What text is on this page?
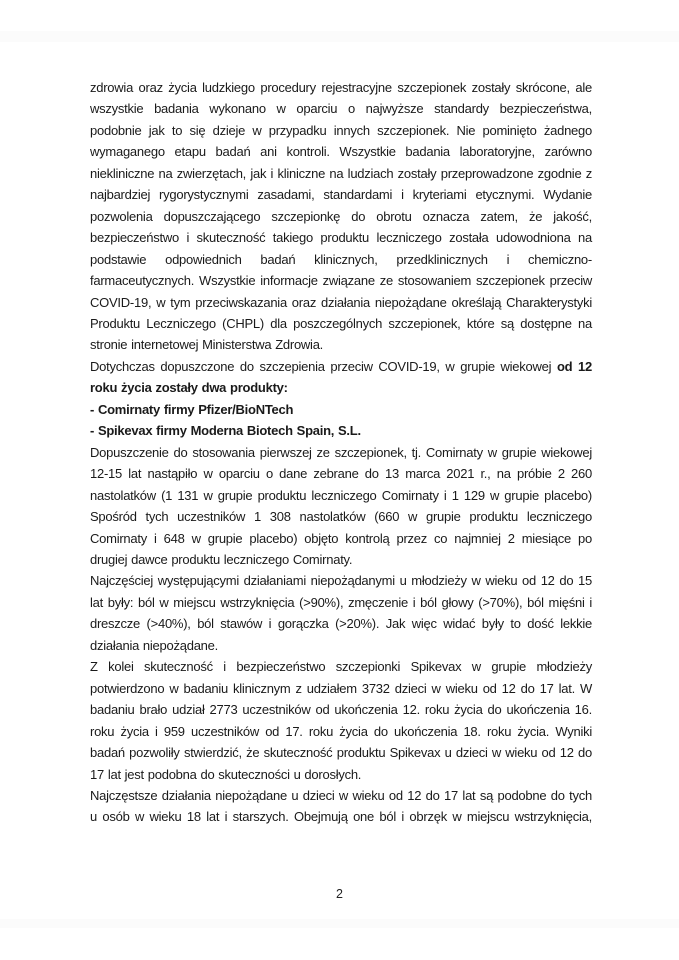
zdrowia oraz życia ludzkiego procedury rejestracyjne szczepionek zostały skrócone, ale wszystkie badania wykonano w oparciu o najwyższe standardy bezpieczeństwa, podobnie jak to się dzieje w przypadku innych szczepionek. Nie pominięto żadnego wymaganego etapu badań ani kontroli. Wszystkie badania laboratoryjne, zarówno niekliniczne na zwierzętach, jak i kliniczne na ludziach zostały przeprowadzone zgodnie z najbardziej rygorystycznymi zasadami, standardami i kryteriami etycznymi. Wydanie pozwolenia dopuszczającego szczepionkę do obrotu oznacza zatem, że jakość, bezpieczeństwo i skuteczność takiego produktu leczniczego została udowodniona na podstawie odpowiednich badań klinicznych, przedklinicznych i chemiczno-farmaceutycznych. Wszystkie informacje związane ze stosowaniem szczepionek przeciw COVID-19, w tym przeciwskazania oraz działania niepożądane określają Charakterystyki Produktu Leczniczego (CHPL) dla poszczególnych szczepionek, które są dostępne na stronie internetowej Ministerstwa Zdrowia.

Dotychczas dopuszczone do szczepienia przeciw COVID-19, w grupie wiekowej od 12 roku życia zostały dwa produkty:

- Comirnaty firmy Pfizer/BioNTech

- Spikevax firmy Moderna Biotech Spain, S.L.

Dopuszczenie do stosowania pierwszej ze szczepionek, tj. Comirnaty w grupie wiekowej 12-15 lat nastąpiło w oparciu o dane zebrane do 13 marca 2021 r., na próbie 2 260 nastolatków (1 131 w grupie produktu leczniczego Comirnaty i 1 129 w grupie placebo) Spośród tych uczestników 1 308 nastolatków (660 w grupie produktu leczniczego Comirnaty i 648 w grupie placebo) objęto kontrolą przez co najmniej 2 miesiące po drugiej dawce produktu leczniczego Comirnaty.

Najczęściej występującymi działaniami niepożądanymi u młodzieży w wieku od 12 do 15 lat były: ból w miejscu wstrzyknięcia (>90%), zmęczenie i ból głowy (>70%), ból mięśni i dreszcze (>40%), ból stawów i gorączka (>20%). Jak więc widać były to dość lekkie działania niepożądane.

Z kolei skuteczność i bezpieczeństwo szczepionki Spikevax w grupie młodzieży potwierdzono w badaniu klinicznym z udziałem 3732 dzieci w wieku od 12 do 17 lat. W badaniu brało udział 2773 uczestników od ukończenia 12. roku życia do ukończenia 16. roku życia i 959 uczestników od 17. roku życia do ukończenia 18. roku życia. Wyniki badań pozwoliły stwierdzić, że skuteczność produktu Spikevax u dzieci w wieku od 12 do 17 lat jest podobna do skuteczności u dorosłych.

Najczęstsze działania niepożądane u dzieci w wieku od 12 do 17 lat są podobne do tych u osób w wieku 18 lat i starszych. Obejmują one ból i obrzęk w miejscu wstrzyknięcia,

2
